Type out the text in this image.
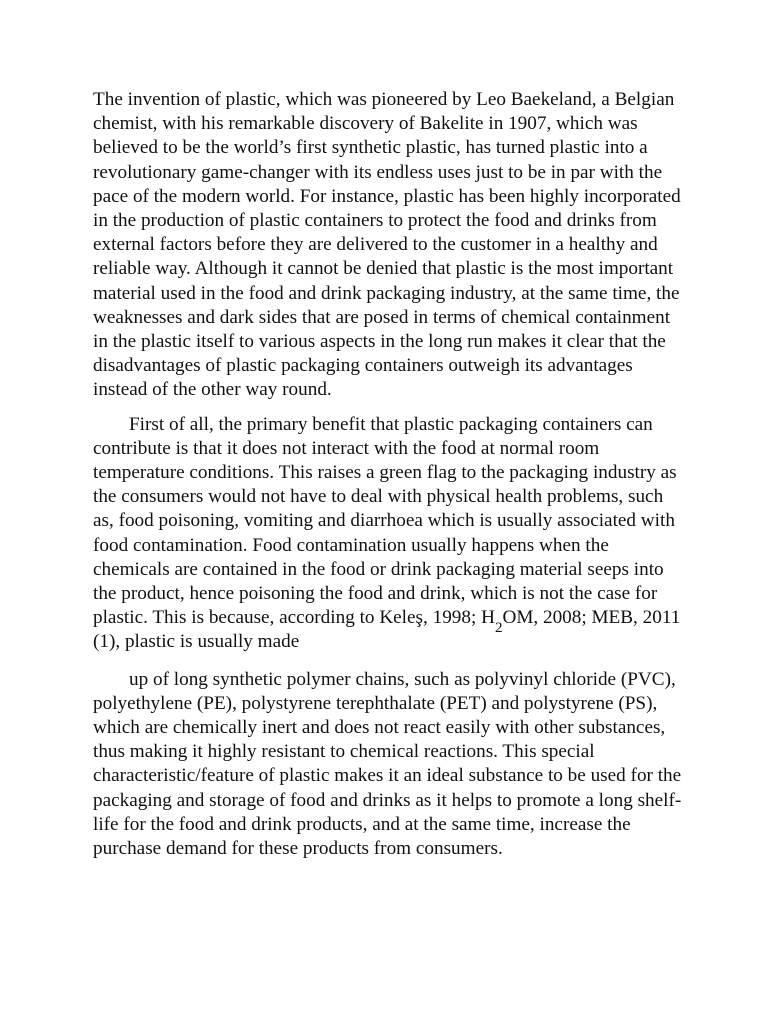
The invention of plastic, which was pioneered by Leo Baekeland, a Belgian chemist, with his remarkable discovery of Bakelite in 1907, which was believed to be the world’s first synthetic plastic, has turned plastic into a revolutionary game-changer with its endless uses just to be in par with the pace of the modern world. For instance, plastic has been highly incorporated in the production of plastic containers to protect the food and drinks from external factors before they are delivered to the customer in a healthy and reliable way. Although it cannot be denied that plastic is the most important material used in the food and drink packaging industry, at the same time, the weaknesses and dark sides that are posed in terms of chemical containment in the plastic itself to various aspects in the long run makes it clear that the disadvantages of plastic packaging containers outweigh its advantages instead of the other way round.

First of all, the primary benefit that plastic packaging containers can contribute is that it does not interact with the food at normal room temperature conditions. This raises a green flag to the packaging industry as the consumers would not have to deal with physical health problems, such as, food poisoning, vomiting and diarrhoea which is usually associated with food contamination. Food contamination usually happens when the chemicals are contained in the food or drink packaging material seeps into the product, hence poisoning the food and drink, which is not the case for plastic. This is because, according to Keleş, 1998; $H_2OM$, 2008; MEB, 2011 (1), plastic is usually made
up of long synthetic polymer chains, such as polyvinyl chloride (PVC), polyethylene (PE), polystyrene terephthalate (PET) and polystyrene (PS), which are chemically inert and does not react easily with other substances, thus making it highly resistant to chemical reactions. This special characteristic/feature of plastic makes it an ideal substance to be used for the packaging and storage of food and drinks as it helps to promote a long shelf-life for the food and drink products, and at the same time, increase the purchase demand for these products from consumers.
